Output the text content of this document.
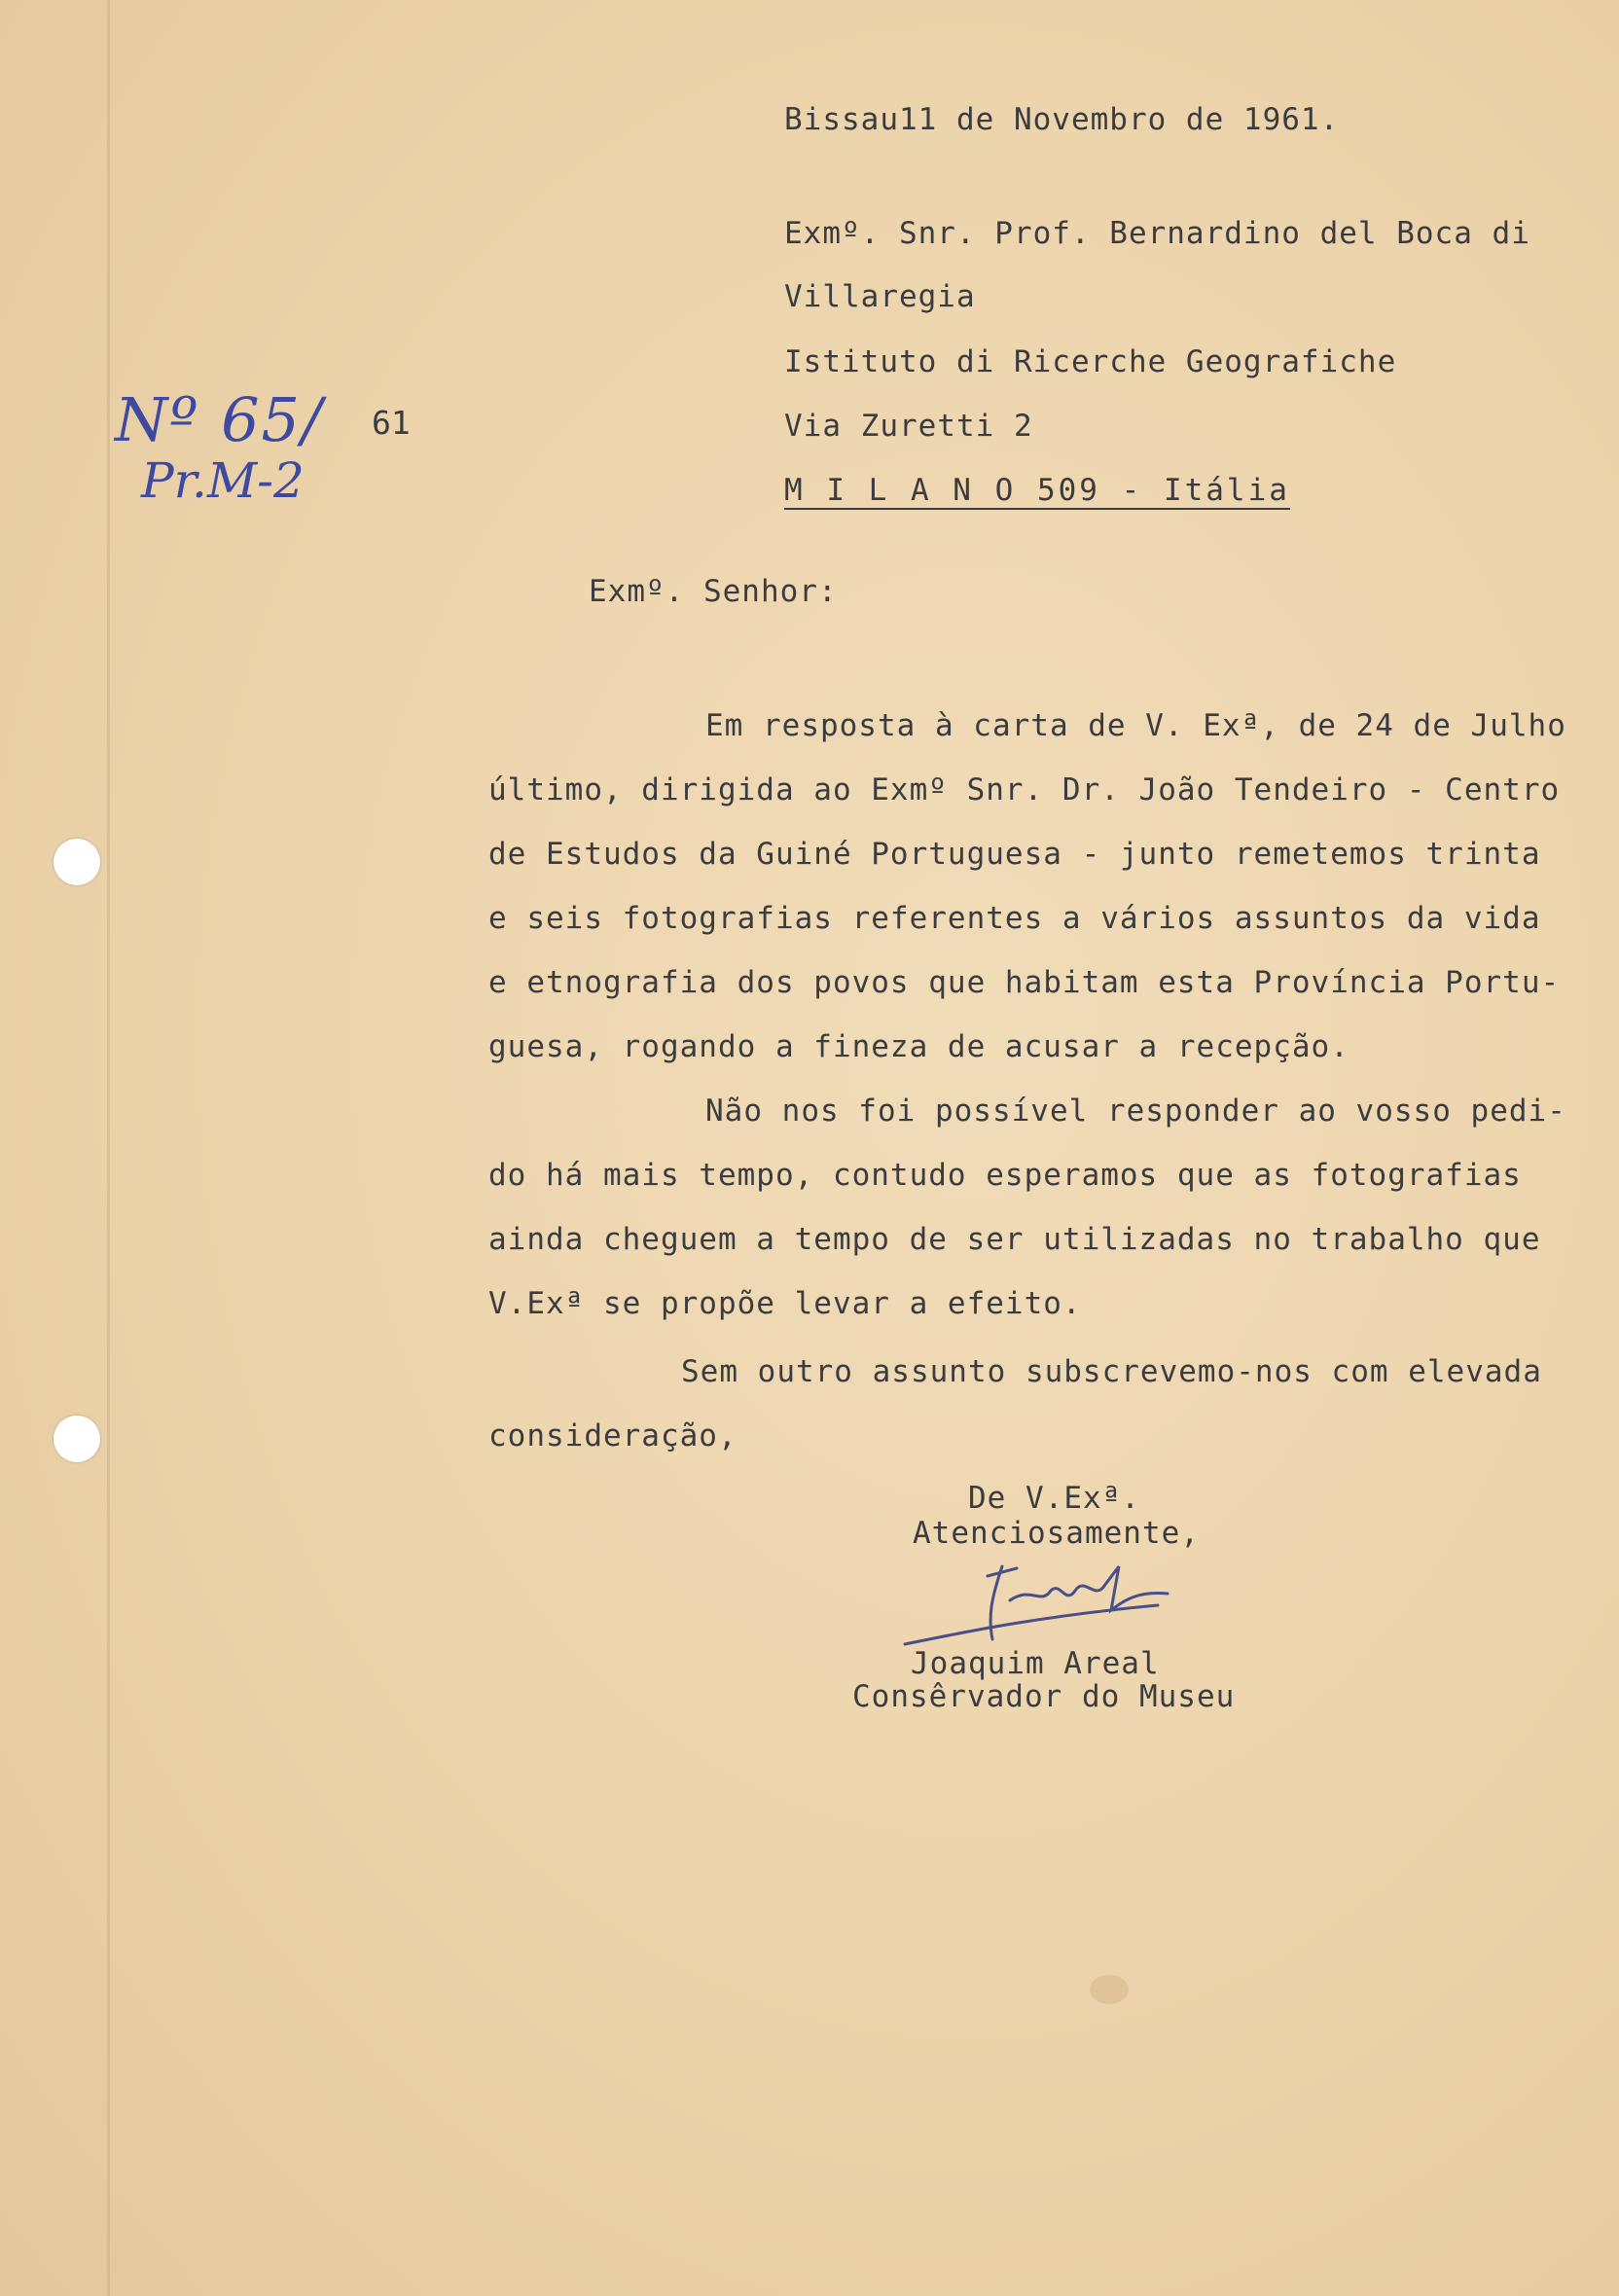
Bissau11 de Novembro de 1961.
Exmº. Snr. Prof. Bernardino del Boca di
Villaregia
Istituto di Ricerche Geografiche
Via Zuretti 2
M I L A N O 509 - Itália
Nº 65/ 61
Pr.M-2
Exmº. Senhor:
Em resposta à carta de V. Exª, de 24 de Julho
último, dirigida ao Exmº Snr. Dr. João Tendeiro - Centro
de Estudos da Guiné Portuguesa - junto remetemos trinta
e seis fotografias referentes a vários assuntos da vida
e etnografia dos povos que habitam esta Província Portu-
guesa, rogando a fineza de acusar a recepção.
Não nos foi possível responder ao vosso pedi-
do há mais tempo, contudo esperamos que as fotografias
ainda cheguem a tempo de ser utilizadas no trabalho que
V.Exª se propõe levar a efeito.
Sem outro assunto subscrevemo-nos com elevada
consideração,
De V.Exª.
Atenciosamente,
Joaquim Areal
Consêrvador do Museu
